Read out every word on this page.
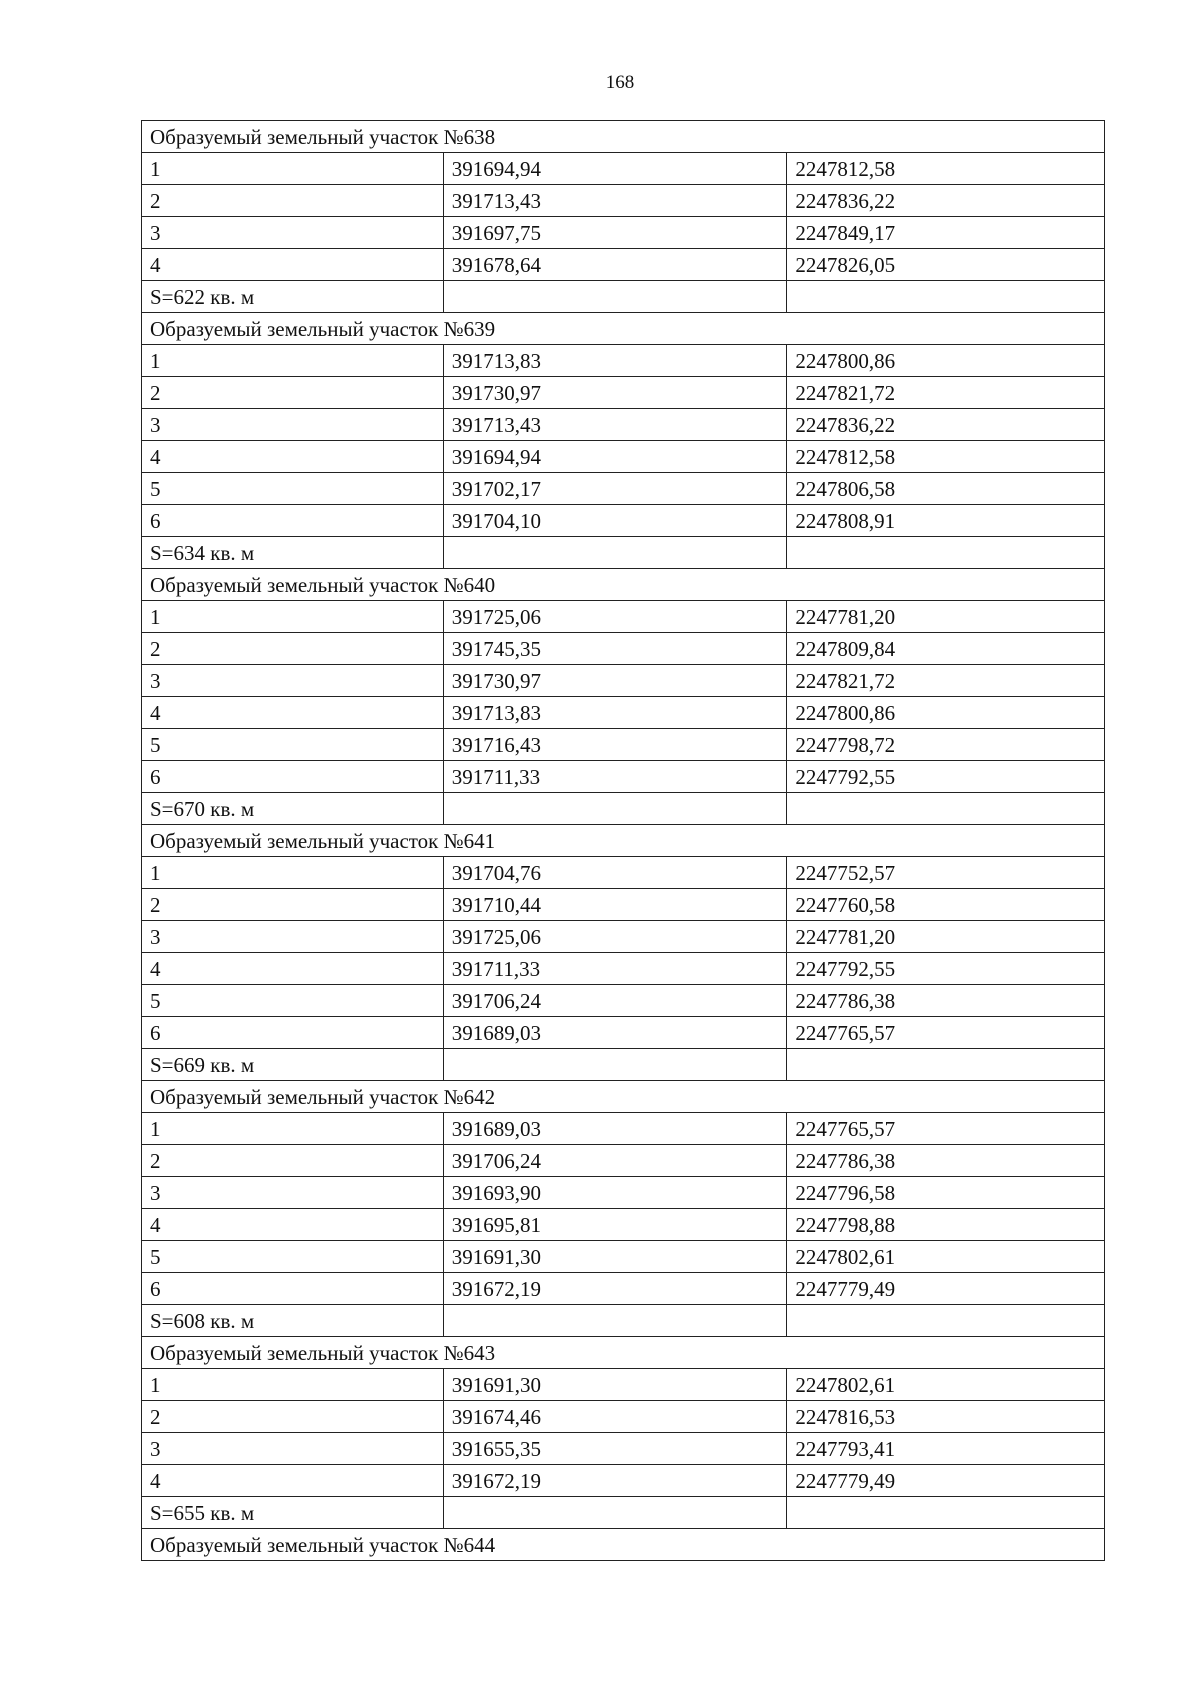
168
Образуемый земельный участок №638		
1	391694,94	2247812,58
2	391713,43	2247836,22
3	391697,75	2247849,17
4	391678,64	2247826,05
S=622 кв. м		
Образуемый земельный участок №639		
1	391713,83	2247800,86
2	391730,97	2247821,72
3	391713,43	2247836,22
4	391694,94	2247812,58
5	391702,17	2247806,58
6	391704,10	2247808,91
S=634 кв. м		
Образуемый земельный участок №640		
1	391725,06	2247781,20
2	391745,35	2247809,84
3	391730,97	2247821,72
4	391713,83	2247800,86
5	391716,43	2247798,72
6	391711,33	2247792,55
S=670 кв. м		
Образуемый земельный участок №641		
1	391704,76	2247752,57
2	391710,44	2247760,58
3	391725,06	2247781,20
4	391711,33	2247792,55
5	391706,24	2247786,38
6	391689,03	2247765,57
S=669 кв. м		
Образуемый земельный участок №642		
1	391689,03	2247765,57
2	391706,24	2247786,38
3	391693,90	2247796,58
4	391695,81	2247798,88
5	391691,30	2247802,61
6	391672,19	2247779,49
S=608 кв. м		
Образуемый земельный участок №643		
1	391691,30	2247802,61
2	391674,46	2247816,53
3	391655,35	2247793,41
4	391672,19	2247779,49
S=655 кв. м		
Образуемый земельный участок №644		
